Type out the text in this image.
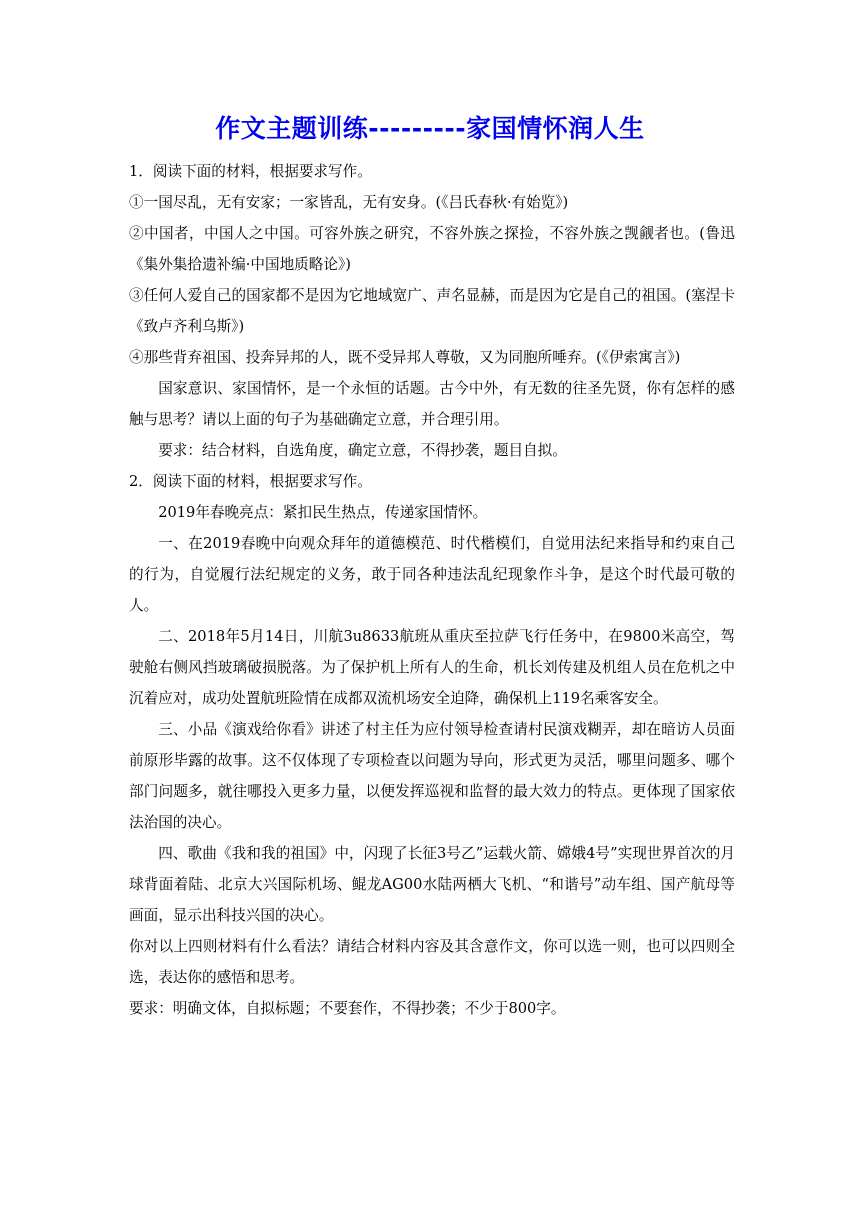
作文主题训练---------家国情怀润人生

1．阅读下面的材料，根据要求写作。

①一国尽乱，无有安家；一家皆乱，无有安身。(《吕氏春秋·有始览》)

②中国者，中国人之中国。可容外族之研究，不容外族之探捡，不容外族之觊觎者也。(鲁迅《集外集拾遗补编·中国地质略论》)

③任何人爱自己的国家都不是因为它地域宽广、声名显赫，而是因为它是自己的祖国。(塞涅卡《致卢齐利乌斯》)

④那些背弃祖国、投奔异邦的人，既不受异邦人尊敬，又为同胞所唾弃。(《伊索寓言》)

国家意识、家国情怀，是一个永恒的话题。古今中外，有无数的往圣先贤，你有怎样的感触与思考？请以上面的句子为基础确定立意，并合理引用。

要求：结合材料，自选角度，确定立意，不得抄袭，题目自拟。

2．阅读下面的材料，根据要求写作。

2019年春晚亮点：紧扣民生热点，传递家国情怀。

一、在2019春晚中向观众拜年的道德模范、时代楷模们，自觉用法纪来指导和约束自己的行为，自觉履行法纪规定的义务，敢于同各种违法乱纪现象作斗争，是这个时代最可敬的人。

二、2018年5月14日，川航3u8633航班从重庆至拉萨飞行任务中，在9800米高空，驾驶舱右侧风挡玻璃破损脱落。为了保护机上所有人的生命，机长刘传建及机组人员在危机之中沉着应对，成功处置航班险情在成都双流机场安全迫降，确保机上119名乘客安全。

三、小品《演戏给你看》讲述了村主任为应付领导检查请村民演戏糊弄，却在暗访人员面前原形毕露的故事。这不仅体现了专项检查以问题为导向，形式更为灵活，哪里问题多、哪个部门问题多，就往哪投入更多力量，以便发挥巡视和监督的最大效力的特点。更体现了国家依法治国的决心。

四、歌曲《我和我的祖国》中，闪现了长征3号乙”运载火箭、嫦娥4号”实现世界首次的月球背面着陆、北京大兴国际机场、鲲龙AG00水陆两栖大飞机、“和谐号”动车组、国产航母等画面，显示出科技兴国的决心。

你对以上四则材料有什么看法？请结合材料内容及其含意作文，你可以选一则，也可以四则全选，表达你的感悟和思考。

要求：明确文体，自拟标题；不要套作，不得抄袭；不少于800字。
